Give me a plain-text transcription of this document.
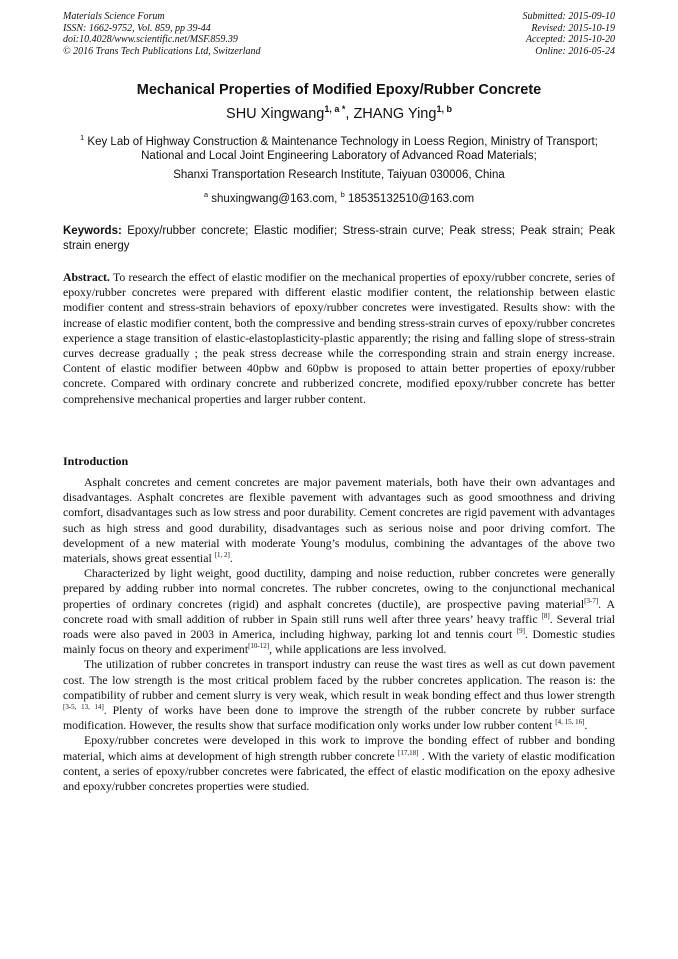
Materials Science Forum
ISSN: 1662-9752, Vol. 859, pp 39-44
doi:10.4028/www.scientific.net/MSF.859.39
© 2016 Trans Tech Publications Ltd, Switzerland
Submitted: 2015-09-10
Revised: 2015-10-19
Accepted: 2015-10-20
Online: 2016-05-24
Mechanical Properties of Modified Epoxy/Rubber Concrete
SHU Xingwang$^{1, a *}$, ZHANG Ying$^{1, b}$
$^1$ Key Lab of Highway Construction & Maintenance Technology in Loess Region, Ministry of Transport; National and Local Joint Engineering Laboratory of Advanced Road Materials;
Shanxi Transportation Research Institute, Taiyuan 030006, China
$^a$ shuxingwang@163.com, $^b$ 18535132510@163.com
Keywords: Epoxy/rubber concrete; Elastic modifier; Stress-strain curve; Peak stress; Peak strain; Peak strain energy
Abstract. To research the effect of elastic modifier on the mechanical properties of epoxy/rubber concrete, series of epoxy/rubber concretes were prepared with different elastic modifier content, the relationship between elastic modifier content and stress-strain behaviors of epoxy/rubber concretes were investigated. Results show: with the increase of elastic modifier content, both the compressive and bending stress-strain curves of epoxy/rubber concretes experience a stage transition of elastic-elastoplasticity-plastic apparently; the rising and falling slope of stress-strain curves decrease gradually ; the peak stress decrease while the corresponding strain and strain energy increase. Content of elastic modifier between 40pbw and 60pbw is proposed to attain better properties of epoxy/rubber concrete. Compared with ordinary concrete and rubberized concrete, modified epoxy/rubber concrete has better comprehensive mechanical properties and larger rubber content.
Introduction

Asphalt concretes and cement concretes are major pavement materials, both have their own advantages and disadvantages. Asphalt concretes are flexible pavement with advantages such as good smoothness and driving comfort, disadvantages such as low stress and poor durability. Cement concretes are rigid pavement with advantages such as high stress and good durability, disadvantages such as serious noise and poor driving comfort. The development of a new material with moderate Young’s modulus, combining the advantages of the above two materials, shows great essential [1, 2].

Characterized by light weight, good ductility, damping and noise reduction, rubber concretes were generally prepared by adding rubber into normal concretes. The rubber concretes, owing to the conjunctional mechanical properties of ordinary concretes (rigid) and asphalt concretes (ductile), are prospective paving material[3-7]. A concrete road with small addition of rubber in Spain still runs well after three years’ heavy traffic [8]. Several trial roads were also paved in 2003 in America, including highway, parking lot and tennis court [9]. Domestic studies mainly focus on theory and experiment[10-12], while applications are less involved.

The utilization of rubber concretes in transport industry can reuse the wast tires as well as cut down pavement cost. The low strength is the most critical problem faced by the rubber concretes application. The reason is: the compatibility of rubber and cement slurry is very weak, which result in weak bonding effect and thus lower strength [3-5, 13, 14]. Plenty of works have been done to improve the strength of the rubber concrete by rubber surface modification. However, the results show that surface modification only works under low rubber content [4, 15, 16].

Epoxy/rubber concretes were developed in this work to improve the bonding effect of rubber and bonding material, which aims at development of high strength rubber concrete [17,18] . With the variety of elastic modification content, a series of epoxy/rubber concretes were fabricated, the effect of elastic modification on the epoxy adhesive and epoxy/rubber concretes properties were studied.
